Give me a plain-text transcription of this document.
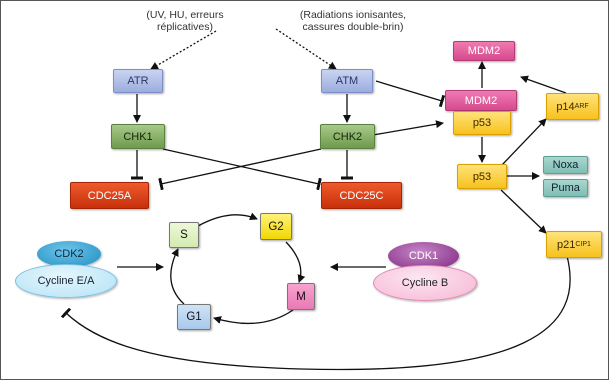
(UV, HU, erreurs
réplicatives)
(Radiations ionisantes,
cassures double-brin)
ATR	ATM
CHK1	CHK2
CDC25A	CDC25C
MDM2
MDM2
p53
p53
Noxa
Puma
p14 ARF
p21 CIP1
S
G2
M
G1
CDK2
Cycline E/A
CDK1
Cycline B
